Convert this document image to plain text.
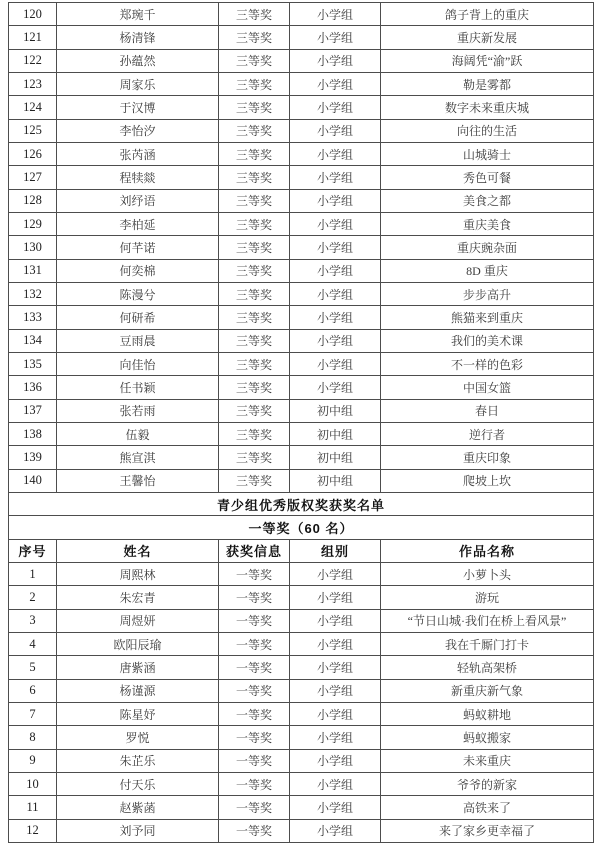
120	郑琬千	三等奖	小学组	鸽子背上的重庆
121	杨清锋	三等奖	小学组	重庆新发展
122	孙蕴然	三等奖	小学组	海阔凭“渝”跃
123	周家乐	三等奖	小学组	勒是雾都
124	于汉博	三等奖	小学组	数字未来重庆城
125	李怡汐	三等奖	小学组	向往的生活
126	张芮涵	三等奖	小学组	山城骑士
127	程犊燚	三等奖	小学组	秀色可餐
128	刘纾语	三等奖	小学组	美食之都
129	李柏延	三等奖	小学组	重庆美食
130	何芊诺	三等奖	小学组	重庆豌杂面
131	何奕棉	三等奖	小学组	8D 重庆
132	陈漫兮	三等奖	小学组	步步高升
133	何研希	三等奖	小学组	熊猫来到重庆
134	豆雨晨	三等奖	小学组	我们的美术课
135	向佳怡	三等奖	小学组	不一样的色彩
136	任书颖	三等奖	小学组	中国女篮
137	张若雨	三等奖	初中组	春日
138	伍毅	三等奖	初中组	逆行者
139	熊宣淇	三等奖	初中组	重庆印象
140	王馨怡	三等奖	初中组	爬坡上坎
青少组优秀版权奖获奖名单				
一等奖（60 名）				
序号	姓名	获奖信息	组别	作品名称
1	周熙林	一等奖	小学组	小萝卜头
2	朱宏青	一等奖	小学组	游玩
3	周煜妍	一等奖	小学组	“节日山城·我们在桥上看风景”
4	欧阳辰瑜	一等奖	小学组	我在千厮门打卡
5	唐紫涵	一等奖	小学组	轻轨高架桥
6	杨谨源	一等奖	小学组	新重庆新气象
7	陈星妤	一等奖	小学组	蚂蚁耕地
8	罗悦	一等奖	小学组	蚂蚁搬家
9	朱芷乐	一等奖	小学组	未来重庆
10	付天乐	一等奖	小学组	爷爷的新家
11	赵紫菡	一等奖	小学组	高铁来了
12	刘予同	一等奖	小学组	来了家乡更幸福了
